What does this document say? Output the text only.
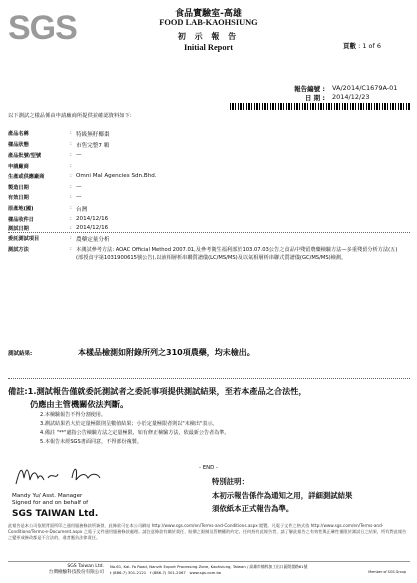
SGS	食品實驗室-高雄
FOOD LAB-KAOHSIUNG
初 示 報 告
Initial Report	頁數 : 1 of 6
報告編號 : VA/2014/C1679A-01
日 期 : 2014/12/23
以下測試之樣品係由申請廠商所提供並確認資料如下:
產品名稱	: 特級無籽椰棗
樣品狀態	: 市售完整7 顆
產品批號/型號	: —
申請廠商	:
生產或供應廠商	: Omni Mal Agencies Sdn.Bhd.
製造日期	: —
有效日期	: —
原產地(國)	: 台灣
樣品收件日	: 2014/12/16
測試日期	: 2014/12/16
委託測試項目	: 農藥定量分析
測試方法	: 本測試參考方法: AOAC Official Method 2007.01,及參考衛生福利部於103.07.03公告之食品中殘留農藥檢驗方法—多重殘留分析方法(五) (部授食字第1031900615號公告),以液相層析串聯質譜儀(LC/MS/MS)及以氣相層析串聯式質譜儀(GC/MS/MS)檢測。
測試結果:	本樣品檢測如附錄所列之310項農藥，均未檢出。
備註:1.測試報告僅就委託測試者之委託事項提供測試結果，至若本產品之合法性，
仍應由主管機關依法判斷。
2.本檢驗報告不得分割使用。
3.測試結果若大於定量極限則呈數值結果；小於定量極限者則以"未檢出"表示。
4.備註 "**"處指公告檢驗方法之定量極限，如有修正檢驗方法，依最新公告者為準。
5.本報告未經SGS書面同意，不得部份複製。
- END -
Mandy Yu/ Asst. Manager
Signed for and on behalf of
SGS TAIWAN Ltd.
特別註明：
本初示報告係作為通知之用，詳細測試結果
須依紙本正式報告為準。
此報告是本公司依照背面所印之通用服務條款所簽發，此條款可在本公司網站 http://www.sgs.com/en/Terms-and-Conditions.aspx 閱覽。凡電子文件之格式依 http://www.sgs.com/en/Terms-and-Conditions/Terms-e-Document.aspx 之電子文件通用服務條款處理。請注意條款有關於責任、賠償之限制及管轄權的約定。任何持有此報告者，請了解此報告之有效性與正確性僅限於測試日之結果，所有對此報告之變更或修改都是不合法的，違者應負法律責任。
SGS Taiwan Ltd.
台灣檢驗科技股份有限公司
No.61, Kai- Fa Road, Nanzih Export Processing Zone, Kaohsiung, Taiwan / 高雄市楠梓加工出口區開發路61號
t (886-7) 301-2121 f (886-7) 301-2067 www.sgs.com.tw	Member of SGS Group
